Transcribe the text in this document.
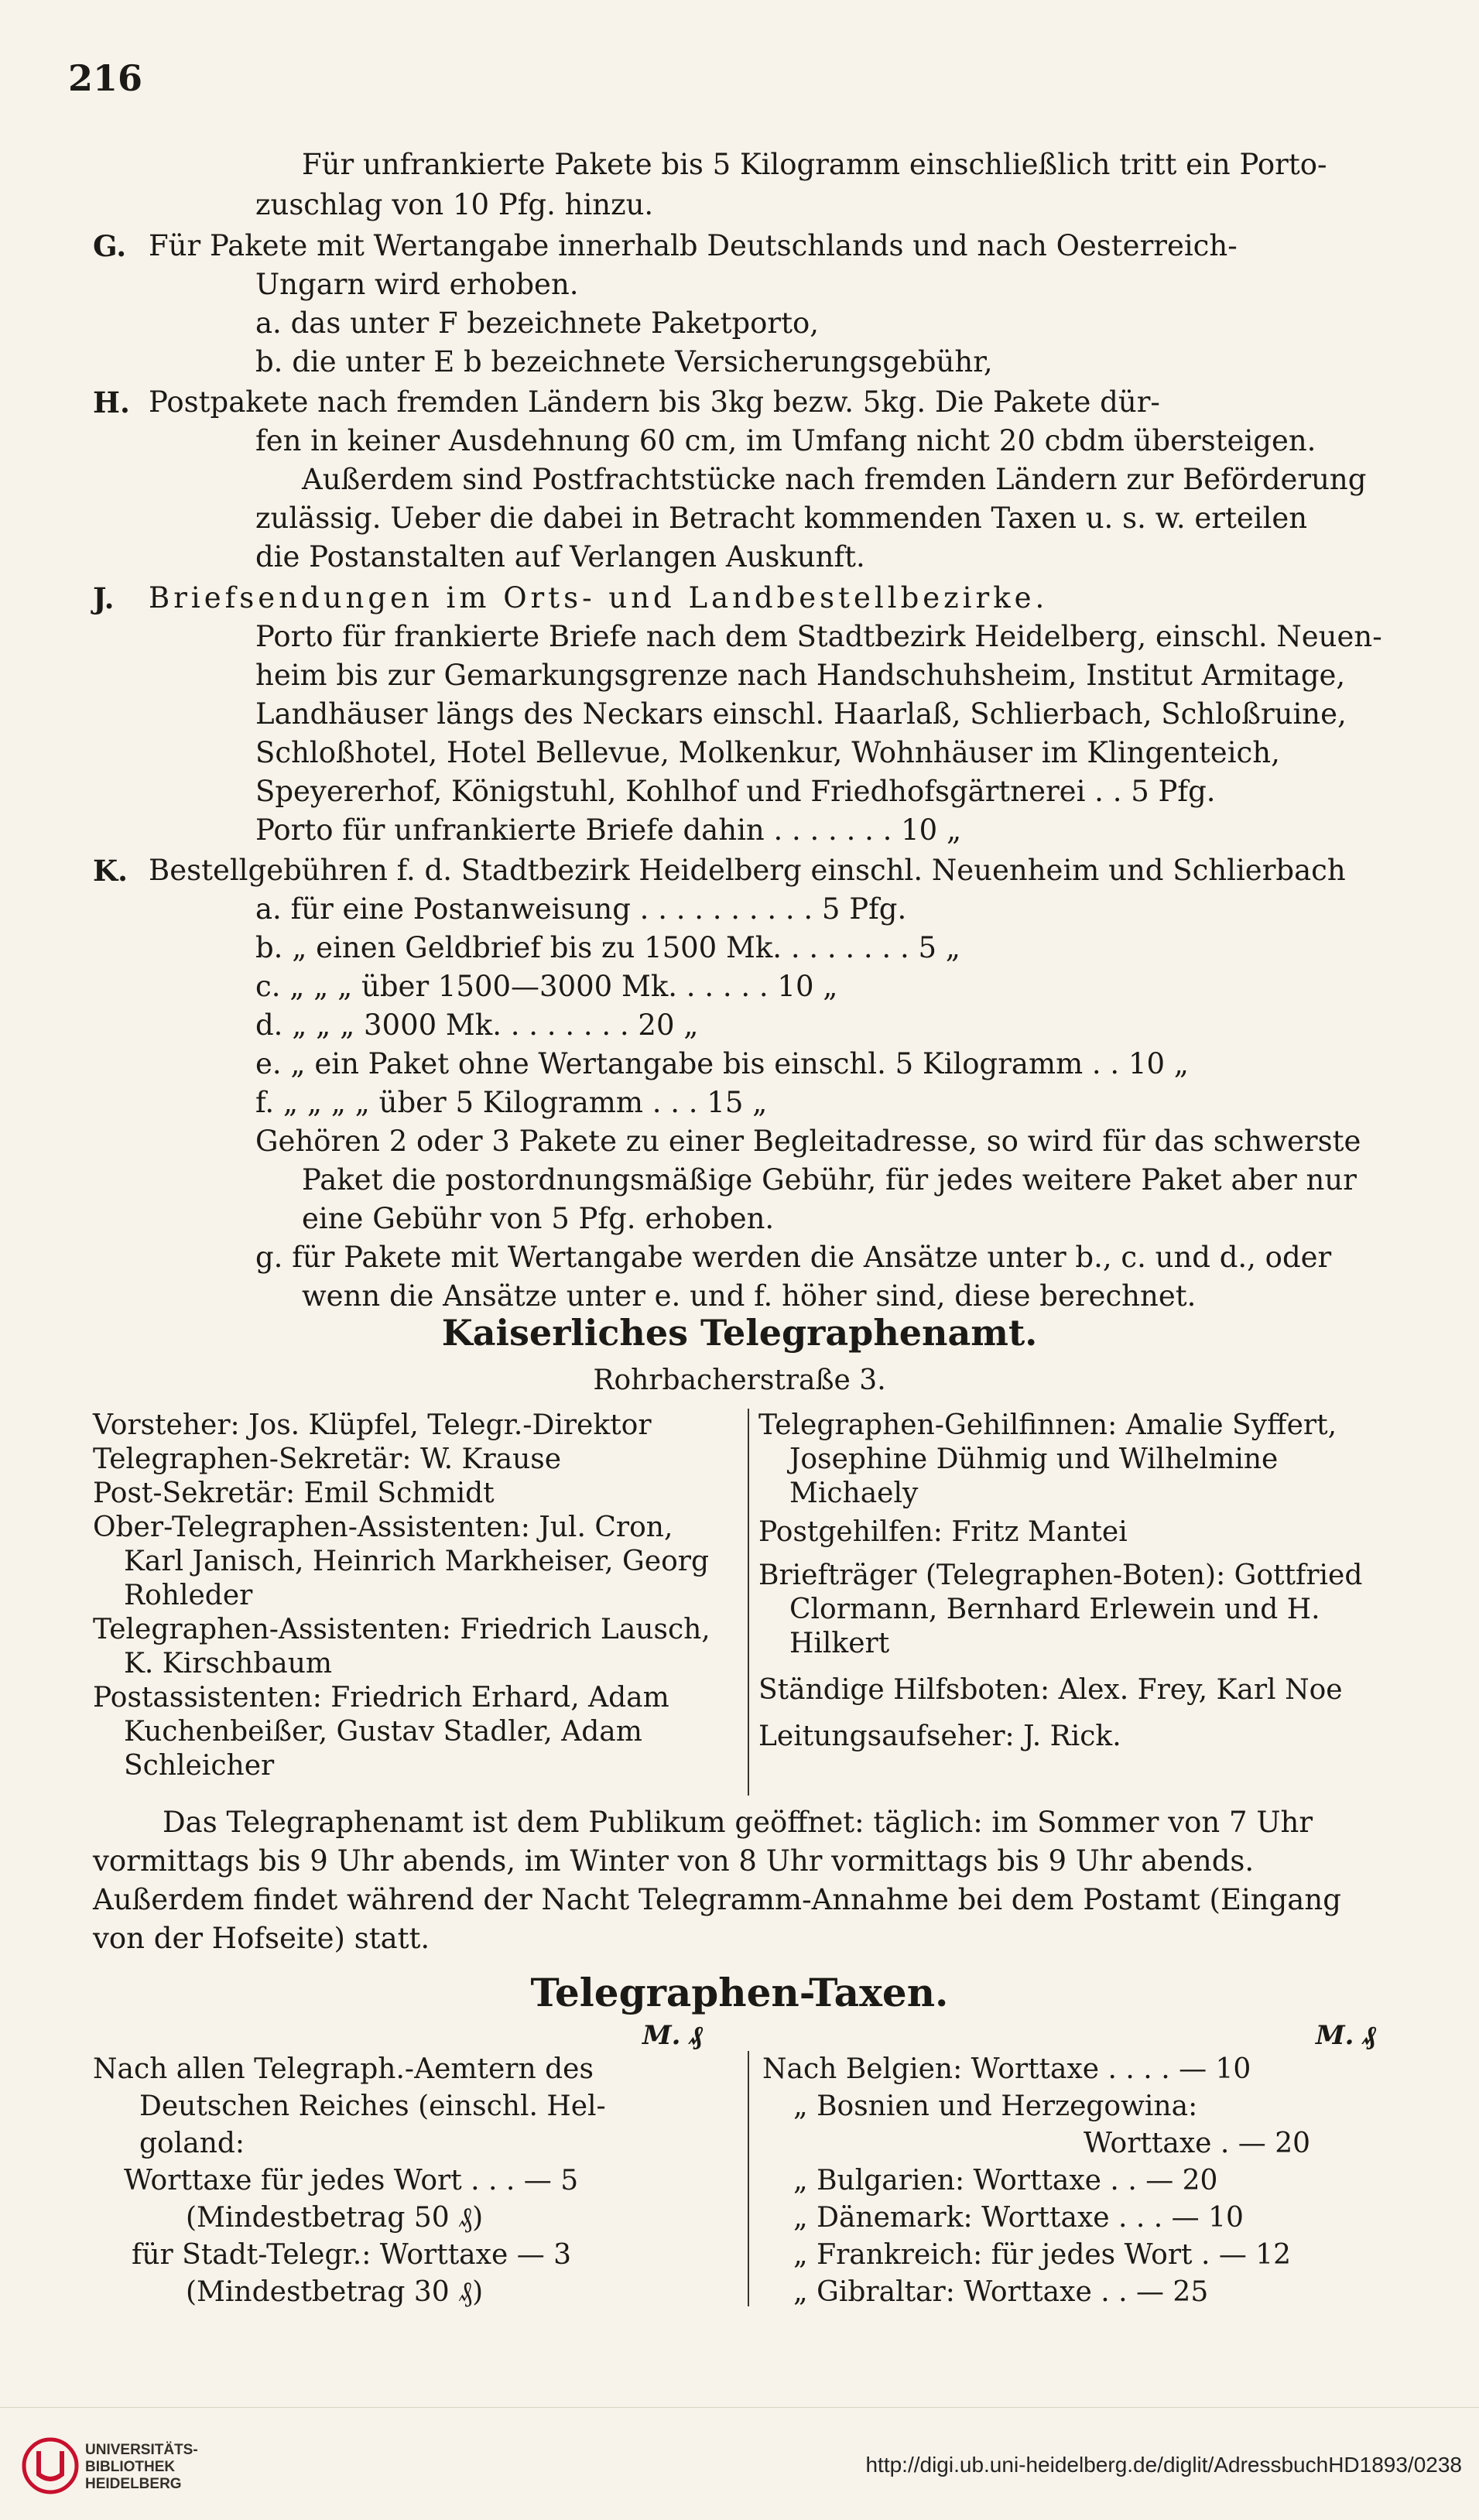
216
Für unfrankierte Pakete bis 5 Kilogramm einschließlich tritt ein Porto-
zuschlag von 10 Pfg. hinzu.
G. Für Pakete mit Wertangabe innerhalb Deutschlands und nach Oesterreich-
Ungarn wird erhoben.
a. das unter F bezeichnete Paketporto,
b. die unter E b bezeichnete Versicherungsgebühr,
H. Postpakete nach fremden Ländern bis 3kg bezw. 5kg. Die Pakete dür-
fen in keiner Ausdehnung 60 cm, im Umfang nicht 20 cbdm übersteigen.
Außerdem sind Postfrachtstücke nach fremden Ländern zur Beförderung
zulässig. Ueber die dabei in Betracht kommenden Taxen u. s. w. erteilen
die Postanstalten auf Verlangen Auskunft.
J. Briefsendungen im Orts- und Landbestellbezirke.
Porto für frankierte Briefe nach dem Stadtbezirk Heidelberg, einschl. Neuen-
heim bis zur Gemarkungsgrenze nach Handschuhsheim, Institut Armitage,
Landhäuser längs des Neckars einschl. Haarlaß, Schlierbach, Schloßruine,
Schloßhotel, Hotel Bellevue, Molkenkur, Wohnhäuser im Klingenteich,
Speyererhof, Königstuhl, Kohlhof und Friedhofsgärtnerei . . 5 Pfg.
Porto für unfrankierte Briefe dahin . . . . . . . 10 „
K. Bestellgebühren f. d. Stadtbezirk Heidelberg einschl. Neuenheim und Schlierbach
a. für eine Postanweisung . . . . . . . . . . 5 Pfg.
b. „ einen Geldbrief bis zu 1500 Mk. . . . . . . . 5 „
c. „ „ „ über 1500—3000 Mk. . . . . . 10 „
d. „ „ „ 3000 Mk. . . . . . . . 20 „
e. „ ein Paket ohne Wertangabe bis einschl. 5 Kilogramm . . 10 „
f. „ „ „ „ über 5 Kilogramm . . . 15 „
Gehören 2 oder 3 Pakete zu einer Begleitadresse, so wird für das schwerste
Paket die postordnungsmäßige Gebühr, für jedes weitere Paket aber nur
eine Gebühr von 5 Pfg. erhoben.
g. für Pakete mit Wertangabe werden die Ansätze unter b., c. und d., oder
wenn die Ansätze unter e. und f. höher sind, diese berechnet.
Kaiserliches Telegraphenamt.
Rohrbacherstraße 3.
Vorsteher: Jos. Klüpfel, Telegr.-Direktor
Telegraphen-Sekretär: W. Krause
Post-Sekretär: Emil Schmidt
Ober-Telegraphen-Assistenten: Jul. Cron,
Karl Janisch, Heinrich Markheiser, Georg
Rohleder
Telegraphen-Assistenten: Friedrich Lausch,
K. Kirschbaum
Postassistenten: Friedrich Erhard, Adam
Kuchenbeißer, Gustav Stadler, Adam
Schleicher
Telegraphen-Gehilfinnen: Amalie Syffert,
Josephine Dühmig und Wilhelmine
Michaely
Postgehilfen: Fritz Mantei
Briefträger (Telegraphen-Boten): Gottfried
Clormann, Bernhard Erlewein und H.
Hilkert
Ständige Hilfsboten: Alex. Frey, Karl Noe
Leitungsaufseher: J. Rick.
Das Telegraphenamt ist dem Publikum geöffnet: täglich: im Sommer von 7 Uhr
vormittags bis 9 Uhr abends, im Winter von 8 Uhr vormittags bis 9 Uhr abends.
Außerdem findet während der Nacht Telegramm-Annahme bei dem Postamt (Eingang
von der Hofseite) statt.
Telegraphen-Taxen.
M. ₰	M. ₰
Nach allen Telegraph.-Aemtern des
Deutschen Reiches (einschl. Hel-
goland:
Worttaxe für jedes Wort . . . — 5
(Mindestbetrag 50 ₰)
für Stadt-Telegr.: Worttaxe — 3
(Mindestbetrag 30 ₰)
Nach Belgien: Worttaxe . . . . — 10
„ Bosnien und Herzegowina:
Worttaxe . — 20
„ Bulgarien: Worttaxe . . — 20
„ Dänemark: Worttaxe . . . — 10
„ Frankreich: für jedes Wort . — 12
„ Gibraltar: Worttaxe . . — 25
UNIVERSITÄTS-
BIBLIOTHEK
HEIDELBERG
http://digi.ub.uni-heidelberg.de/diglit/AdressbuchHD1893/0238
